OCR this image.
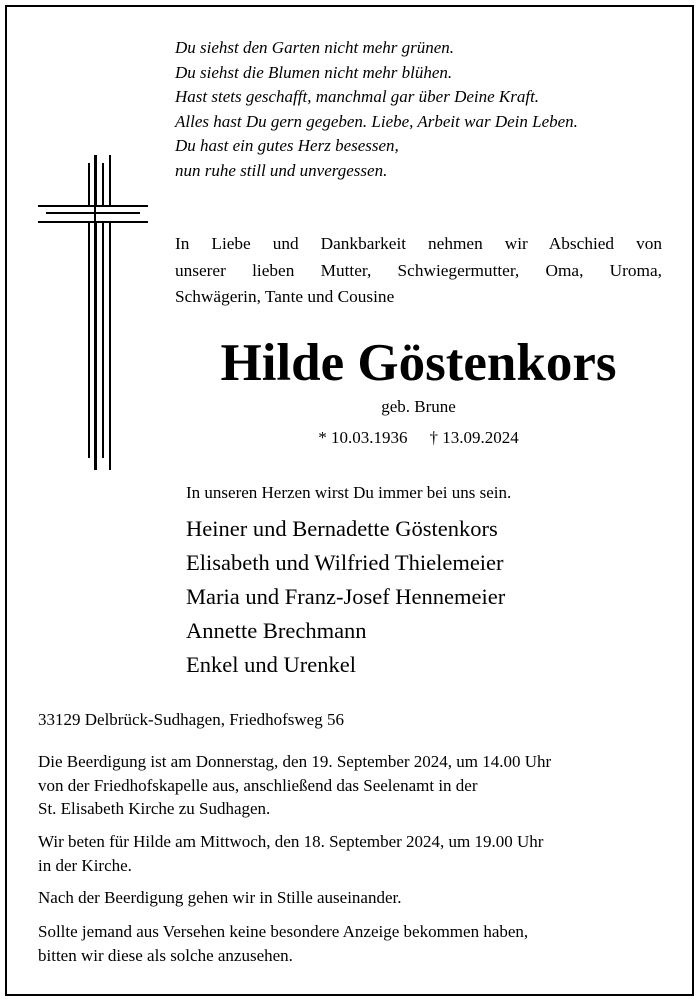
Du siehst den Garten nicht mehr grünen.
Du siehst die Blumen nicht mehr blühen.
Hast stets geschafft, manchmal gar über Deine Kraft.
Alles hast Du gern gegeben. Liebe, Arbeit war Dein Leben.
Du hast ein gutes Herz besessen,
nun ruhe still und unvergessen.
In Liebe und Dankbarkeit nehmen wir Abschied von
unserer lieben Mutter, Schwiegermutter, Oma, Uroma,
Schwägerin, Tante und Cousine
Hilde Göstenkors
geb. Brune
* 10.03.1936 † 13.09.2024
In unseren Herzen wirst Du immer bei uns sein.
Heiner und Bernadette Göstenkors
Elisabeth und Wilfried Thielemeier
Maria und Franz-Josef Hennemeier
Annette Brechmann
Enkel und Urenkel
33129 Delbrück-Sudhagen, Friedhofsweg 56
Die Beerdigung ist am Donnerstag, den 19. September 2024, um 14.00 Uhr
von der Friedhofskapelle aus, anschließend das Seelenamt in der
St. Elisabeth Kirche zu Sudhagen.
Wir beten für Hilde am Mittwoch, den 18. September 2024, um 19.00 Uhr
in der Kirche.
Nach der Beerdigung gehen wir in Stille auseinander.
Sollte jemand aus Versehen keine besondere Anzeige bekommen haben,
bitten wir diese als solche anzusehen.
